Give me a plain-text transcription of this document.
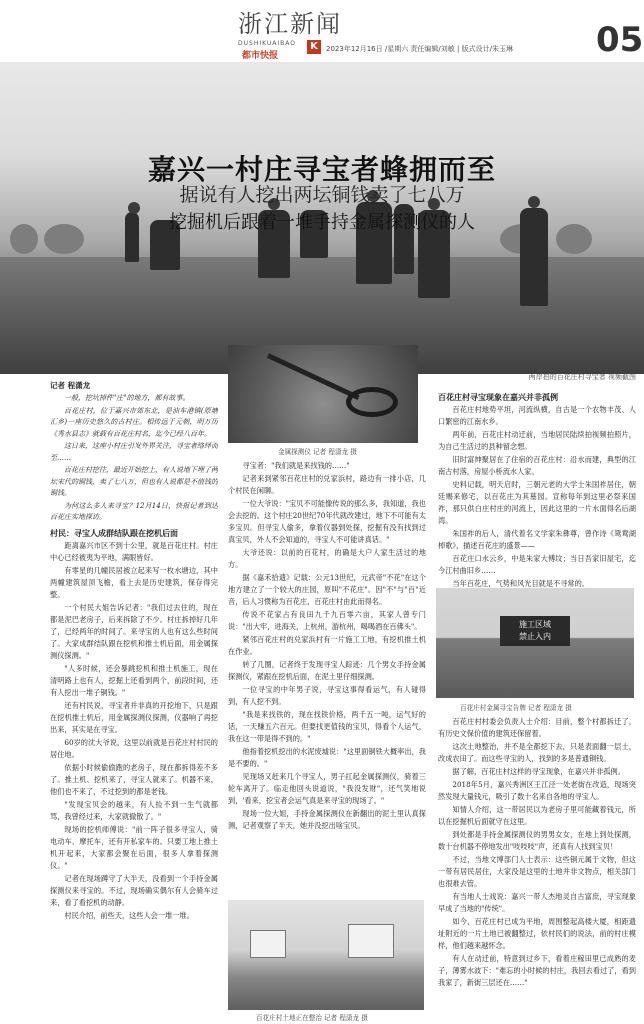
浙江新闻
DUSHIKUAIBAO
都市快报
K	2023年12月16日 /星期六 责任编辑/刘敏 | 版式设计/朱玉琳 05
嘉兴一村庄寻宝者蜂拥而至
据说有人挖出两坛铜钱卖了七八万
挖掘机后跟着一堆手持金属探测仪的人
两岸拍的百花庄村寻宝者 视频截图

记者 程潇龙

一般，挖坑掉件"庄"的地方，都有故事。

百花庄村，位于嘉兴市郊东北，是油车港镇(原塘汇乡)一座历史悠久的古村庄。相传远于元朝，明万历《秀水县志》就载有百花庄村名，迄今已经八百年。

这日来，这座小村庄引发外界关注，寻宝者络绎而至……

百花庄村挖往，最近开始挖土，有人说地下埋了两坛宋代的铜钱，卖了七八万，但也有人说都是不值钱的铜钱。

为何这么多人来寻宝？12月14日，快报记者到达百花庄实地探访。

村民：寻宝人成群结队跟在挖机后面

距离嘉兴市区不到十公里，就是百花庄村。村庄中心已经被夷为平地，满眼皆好。

有零星的几幢民居被立起来写一枚水塘边，其中两幢建筑屋顶飞檐，看上去是历史建筑，保存得完整。

一个村民大姐告诉记者："我们过去住的，现在都是泥巴老房子，后来拆除了不少。村庄拆掉好几年了，已经两年的时间了。来寻宝的人也有这么些时间了。大家成群结队跟在挖机和推土机后面，用金属探测仪探测。"

"人多时候，还会暴跳挖机和推土机施工，现在清明路上也有人，挖掘上还看到两个，前段时间，还有人挖出一堆子铜钱。"

还有村民说，寻宝者并非真的开挖地下，只是跟在挖机推土机后，用金属探测仪探测，仪器响了再挖出来，其实是在寻宝。

60岁的沈大爷说，这里以前就是百花庄村村民的居住地。

依据小时候偷偷跑的老房子，现在都拆得差不多了。推土机、挖机来了，寻宝人就来了。机器不来，他们也不来了，不过挖到的都是老钱。

"发现宝贝会的越来，有人捡不到一生气就都骂，我曾经过来，大家就撤散了。"

现场的挖机师傅说："前一阵子很多寻宝人，骑电动车、摩托车，还有开私家车的。只要工地上推土机开起来，大家都会聚在后面，很多人拿着探测仪。"

记者在现场蹲守了大半天，没看到一个手持金属探测仪来寻宝的。不过，现场确实偶尔有人会骑车过来，看了看挖机的动静。

村民介绍，前些天，这些人会一堆一堆。

金属探测仪 记者 程潇龙 摄

寻宝者："我们就是来找钱的……"

记者来到紧邻百花庄村的兑家浜村，路边有一排小店，几个村民在闲聊。

一位大爷说："宝贝不可能像传说的那么多，我知道，我也会去挖的。这个村庄20世纪70年代就改建过，地下不可能有太多宝贝。但寻宝人偷多，拿着仪器到处探，挖掘有没有找到过真宝贝，外人不会知道的，寻宝人不可能讲真话。"

大爷还说：以前的百花村，的确是大户人家生活过的地方。

据《嘉禾拾遗》记载：公元13世纪，元武帝"不花"在这个地方建立了一个较大的庄园，原叫"不花庄"。因"不"与"百"近音，后人习惯称为百花庄，百花庄村由此而得名。

传说不花家占有良田九千九百零六亩，其家人曾专门说："出大牢，进海关，上杭州，游杭州，喝喝酒在百佛头"。

紧邻百花庄村的兑家浜村有一片施工工地，有挖机推土机在作业。

转了几圈，记者终于发现寻宝人踪迹：几个男女手持金属探测仪，紧跟在挖机后面，在泥土里仔细探测。

一位寻宝的中年男子说，寻宝这事得看运气，有人碰得到，有人挖不到。

"我是来找铁的，现在找铁价格，两千五一吨，运气好的话，一天赚五六百元。但要找更值钱的宝贝，得看个人运气，我在这一带是得不到的。"

他指着挖机挖出的水泥废墟说："这里面铜铁大概率出，我是不要的。"

见现场又赶来几个寻宝人，男子扛起金属探测仪，骑着三轮车离开了。临走他回头说道说，"我没发财"，还气笑地说到，'看来，挖宝者会运气真是来寻宝的现场了。"

现场一位大姐，手持金属探测仪在新翻出的泥土里认真探测，记者观察了半天，她并没挖出啥宝贝。

百花庄村土地正在整治 记者 程潇龙 摄

百花庄村寻宝现象在嘉兴并非孤例

百花庄村地势平坦，河流纵横，自古是一个农物丰茂、人口繁密的江南水乡。

两年前，百花庄村动迁前，当地居民陆续拍视频拍照片，为自己生活过的县种留念想。

旧时富绅聚居在了住宿的百花庄村：沿水而建，典型的江南古村落，房屋小桥流水人家。

史料记载，明天启时，三朝元老的大学士朱国祚居住，朝廷赐来修宅，以百花庄为其墓园。宣称每年到这里必祭来国祚，那只供白庄村庄的河流上，因此这里的一片水面得名后湖湾。

朱国祚的后人，清代着名文学家朱彝尊，曾作诗《鸳鸯湖棹歌》，描述百花庄的盛景——

百花庄口水云乡，中是朱家大傅坟；当日吾家旧屋宅，迄今江村曲旧乡……

当年百花庄，气势和风光目就是不寻常的。

施工区域
禁止入内
百花庄村金属寻宝告牌 记者 程潇龙 摄

百花庄村村委会负责人士介绍：目前，整个村都拆迁了，有历史文保价值的建筑还保留着。

这次土地整治，并不是全都挖下去，只是表面翻一层土，改成农田了。而这些寻宝的人，找到的多是普通铜钱。

据了解，百花庄村这样的寻宝现象，在嘉兴并非孤例。

2018年5月，嘉兴秀洲区王江泾一处老街在改造，现场突然发现大量钱元，吸引了数十名来自各地的寻宝人。

知情人介绍，这一带居民以为老房子里可能藏着钱元，所以在挖掘机后面就守在这里。

到处都是手持金属探测仪的男男女女，在地上到处探测，数十台机器不停地发出"吱吱吱"声，还真有人找到宝贝！

不过，当地文博部门人士表示：这些铜元属于文物，但这一带有居民居住，大家没是这里的土地并非文物点，相关部门也很难去管。

有当地人士戏说：嘉兴一带人杰地灵自古富庶，寻宝现象早成了当地的"传统"。

如今，百花庄村已成为平地，周围整起高楼大厦，相距遗址附近的一片土地已被翻整过，依村民们的说法，前的村庄模样，他们越来越怀念。

有人在动迁前，特意到过乡下，看着庄稼田里已成熟的麦子，薄雾水波下："难忘的小时候的村庄，我回去看过了，看到我家了，新街三层还在……"
